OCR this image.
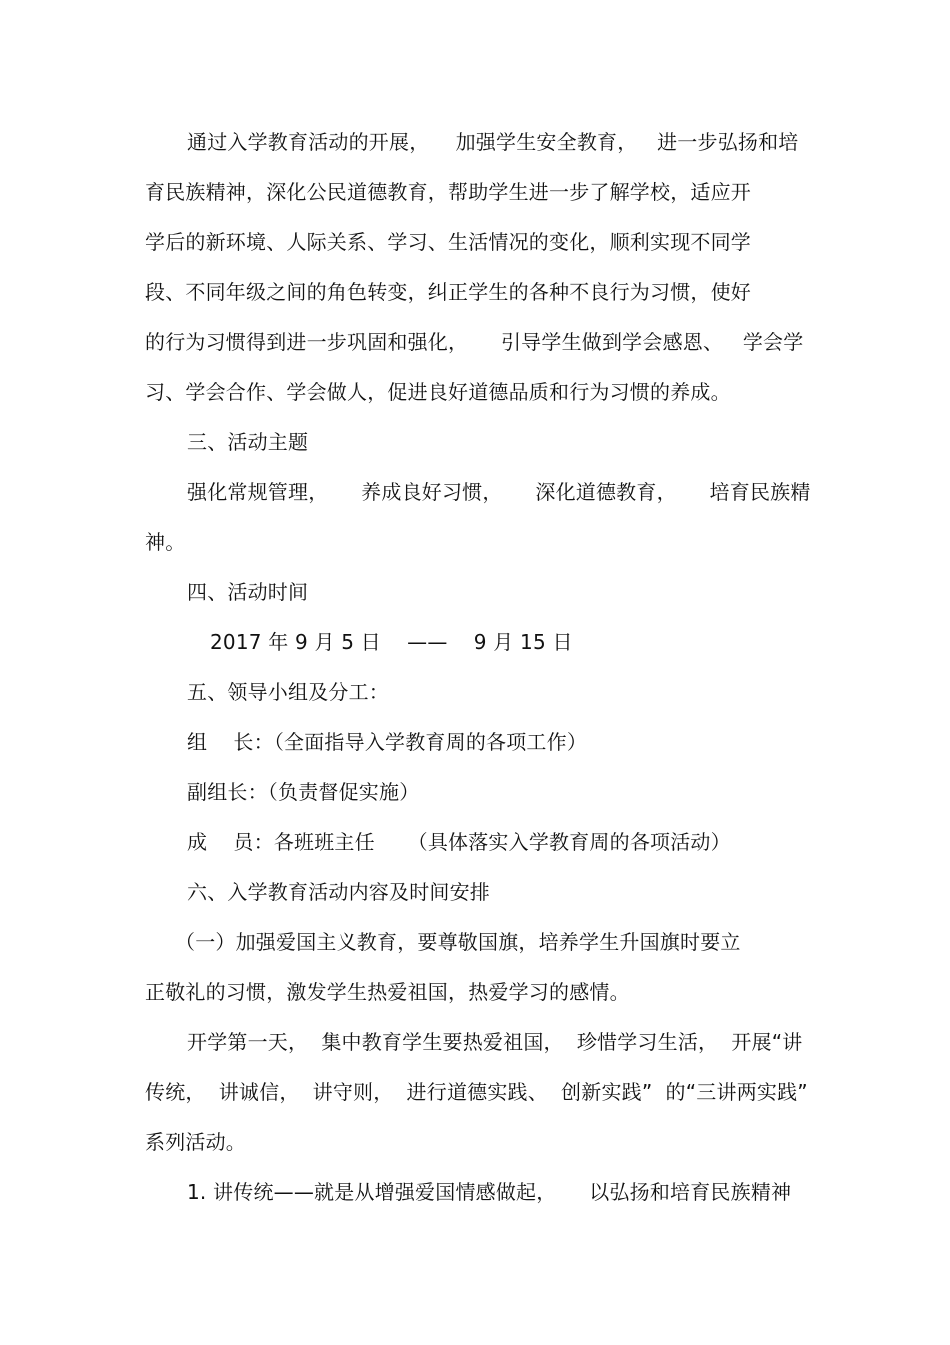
通过入学教育活动的开展，    加强学生安全教育，   进一步弘扬和培
育民族精神，深化公民道德教育，帮助学生进一步了解学校，适应开
学后的新环境、人际关系、学习、生活情况的变化，顺利实现不同学
段、不同年级之间的角色转变，纠正学生的各种不良行为习惯，使好
的行为习惯得到进一步巩固和强化，     引导学生做到学会感恩、   学会学
习、学会合作、学会做人，促进良好道德品质和行为习惯的养成。
三、活动主题
强化常规管理，     养成良好习惯，     深化道德教育，     培育民族精
神。
四、活动时间
2017 年 9 月 5 日    ——    9 月 15 日
五、领导小组及分工：
组    长：（全面指导入学教育周的各项工作）
副组长：（负责督促实施）
成    员：各班班主任     （具体落实入学教育周的各项活动）
六、入学教育活动内容及时间安排
（一）加强爱国主义教育，要尊敬国旗，培养学生升国旗时要立
正敬礼的习惯，激发学生热爱祖国，热爱学习的感情。
开学第一天，  集中教育学生要热爱祖国，  珍惜学习生活，  开展“讲
传统，  讲诚信，  讲守则，  进行道德实践、  创新实践”  的“三讲两实践”
系列活动。
1. 讲传统——就是从增强爱国情感做起，     以弘扬和培育民族精神
